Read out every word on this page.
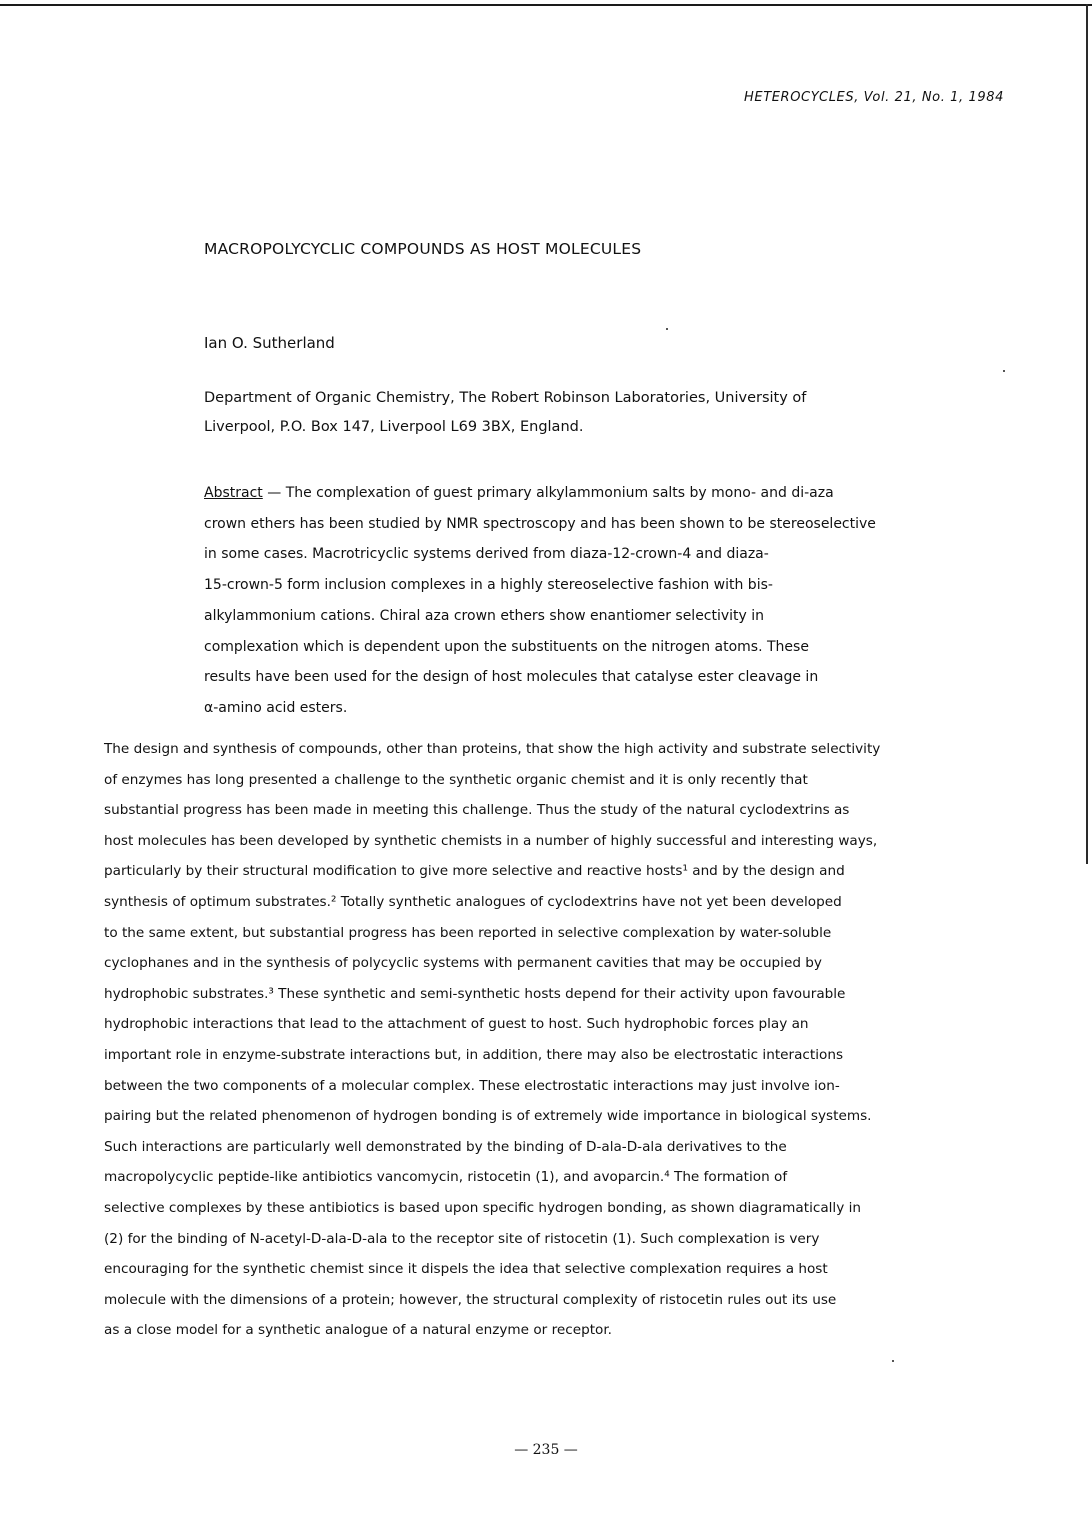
HETEROCYCLES, Vol. 21, No. 1, 1984
MACROPOLYCYCLIC COMPOUNDS AS HOST MOLECULES
Ian O. Sutherland
Department of Organic Chemistry, The Robert Robinson Laboratories, University of
Liverpool, P.O. Box 147, Liverpool L69 3BX, England.
Abstract — The complexation of guest primary alkylammonium salts by mono- and di-aza
crown ethers has been studied by NMR spectroscopy and has been shown to be stereoselective
in some cases. Macrotricyclic systems derived from diaza-12-crown-4 and diaza-
15-crown-5 form inclusion complexes in a highly stereoselective fashion with bis-
alkylammonium cations. Chiral aza crown ethers show enantiomer selectivity in
complexation which is dependent upon the substituents on the nitrogen atoms. These
results have been used for the design of host molecules that catalyse ester cleavage in
α-amino acid esters.
The design and synthesis of compounds, other than proteins, that show the high activity and substrate selectivity
of enzymes has long presented a challenge to the synthetic organic chemist and it is only recently that
substantial progress has been made in meeting this challenge. Thus the study of the natural cyclodextrins as
host molecules has been developed by synthetic chemists in a number of highly successful and interesting ways,
particularly by their structural modification to give more selective and reactive hosts¹ and by the design and
synthesis of optimum substrates.² Totally synthetic analogues of cyclodextrins have not yet been developed
to the same extent, but substantial progress has been reported in selective complexation by water-soluble
cyclophanes and in the synthesis of polycyclic systems with permanent cavities that may be occupied by
hydrophobic substrates.³ These synthetic and semi-synthetic hosts depend for their activity upon favourable
hydrophobic interactions that lead to the attachment of guest to host. Such hydrophobic forces play an
important role in enzyme-substrate interactions but, in addition, there may also be electrostatic interactions
between the two components of a molecular complex. These electrostatic interactions may just involve ion-
pairing but the related phenomenon of hydrogen bonding is of extremely wide importance in biological systems.
Such interactions are particularly well demonstrated by the binding of D-ala-D-ala derivatives to the
macropolycyclic peptide-like antibiotics vancomycin, ristocetin (1), and avoparcin.⁴ The formation of
selective complexes by these antibiotics is based upon specific hydrogen bonding, as shown diagramatically in
(2) for the binding of N-acetyl-D-ala-D-ala to the receptor site of ristocetin (1). Such complexation is very
encouraging for the synthetic chemist since it dispels the idea that selective complexation requires a host
molecule with the dimensions of a protein; however, the structural complexity of ristocetin rules out its use
as a close model for a synthetic analogue of a natural enzyme or receptor.
— 235 —
